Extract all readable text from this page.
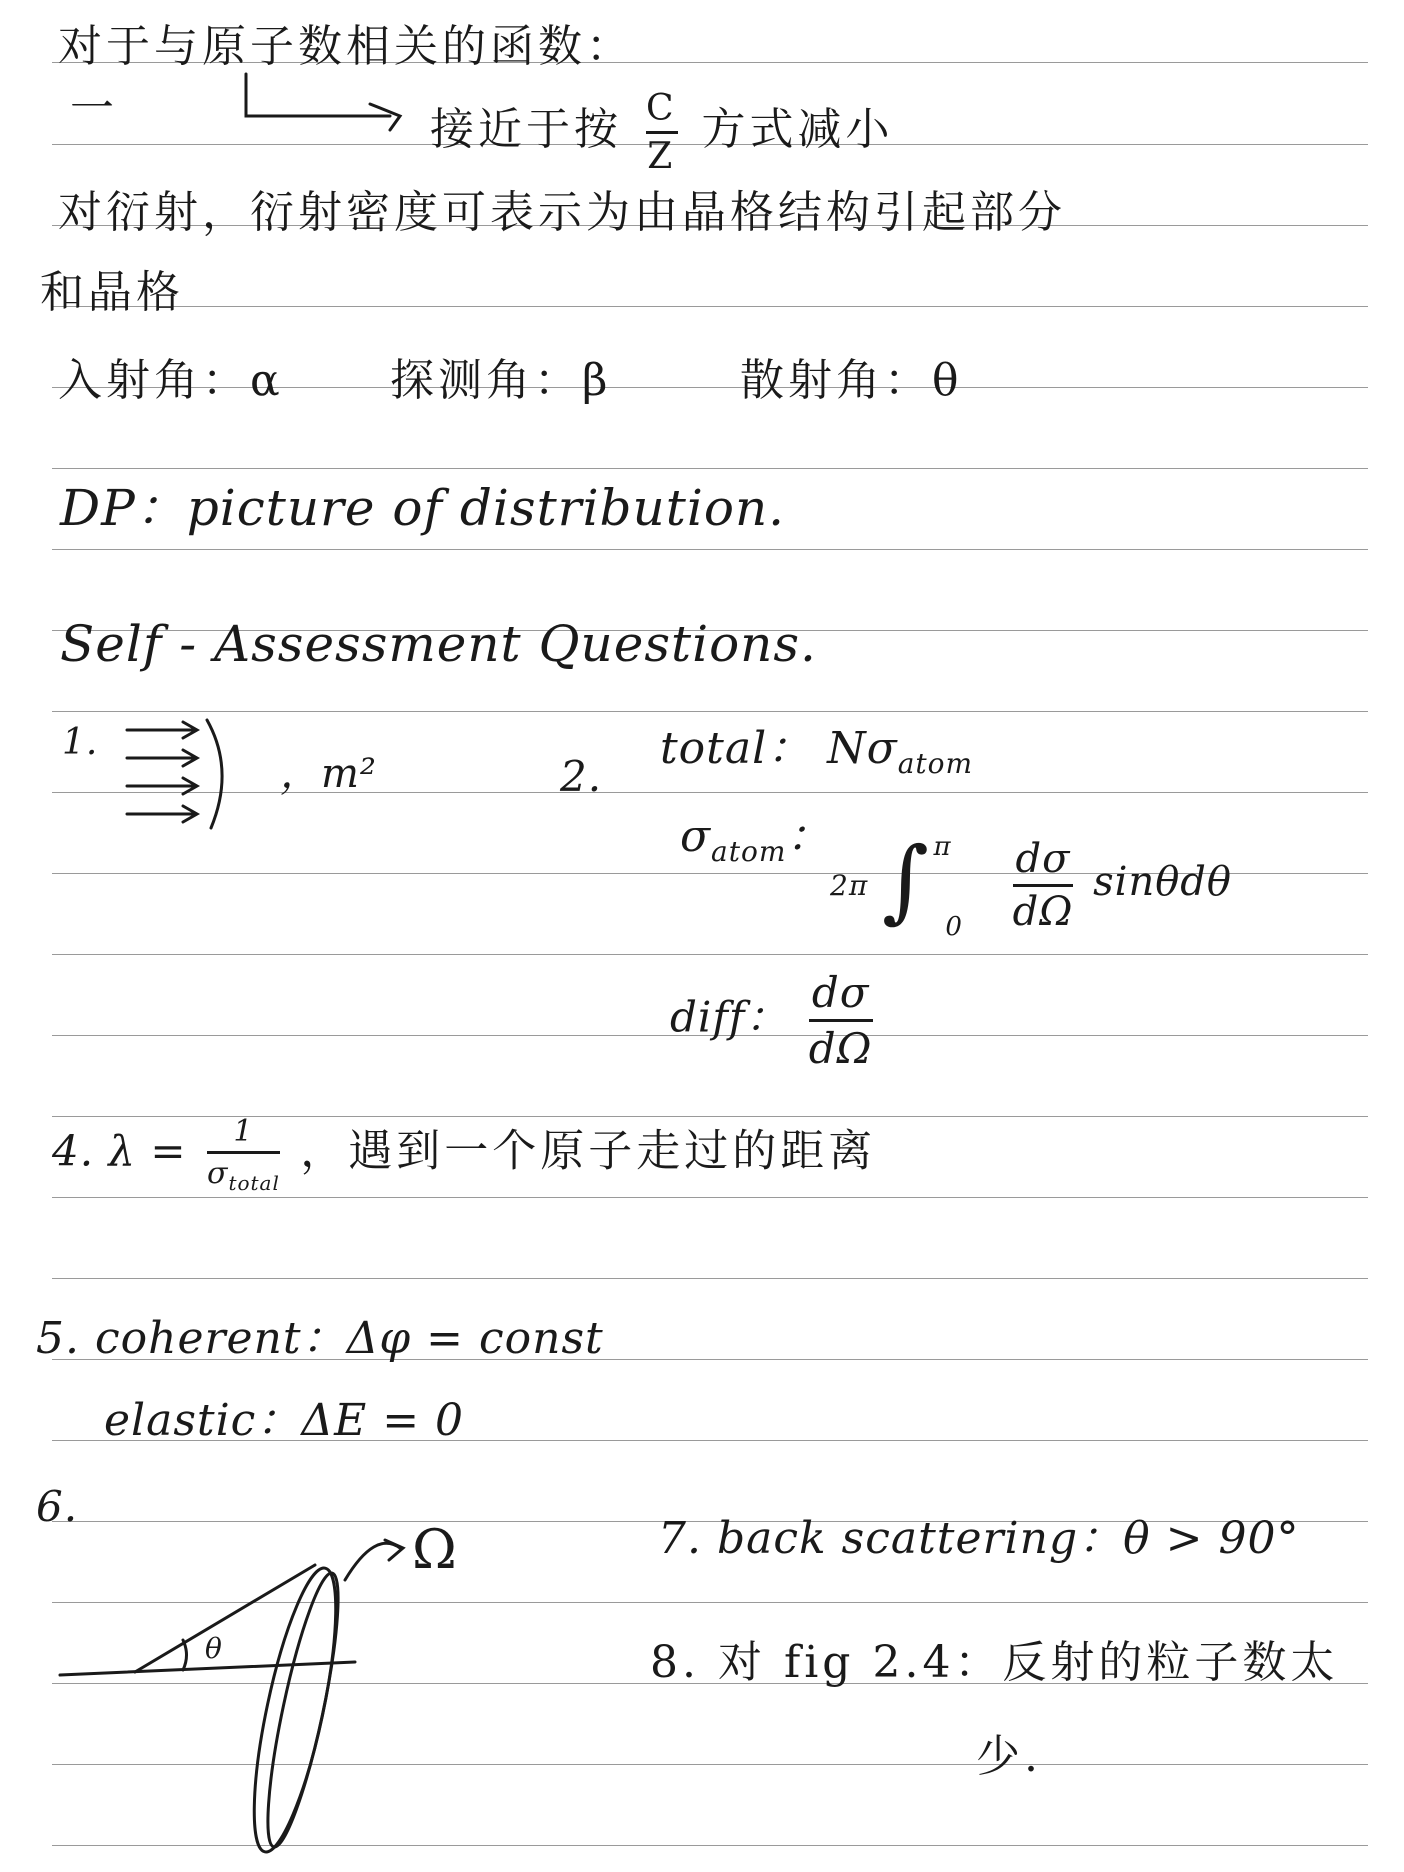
对于与原子数相关的函数：
一	接近于按 $\frac{C}{Z}$ 方式减小
对衍射，衍射密度可表示为由晶格结构引起部分
和晶格
入射角：α 探测角：β	散射角：θ
DP：picture of distribution.
Self - Assessment Questions.
1.
，m²	2.
total： $N\sigma_{atom}$
$\sigma_{atom}$：
2π ∫ $^\pi$ $_0 \frac{d\sigma}{d\Omega}$ sinθdθ
diff： $\frac{d\sigma}{d\Omega}$
4. $\lambda = \frac{1}{\sigma_{total}}$ ，遇到一个原子走过的距离
5. coherent：Δφ = const
elastic：ΔE = 0
6.
Ω
θ
7. back scattering：θ > 90°
8. 对 fig 2.4：反射的粒子数太
少.
